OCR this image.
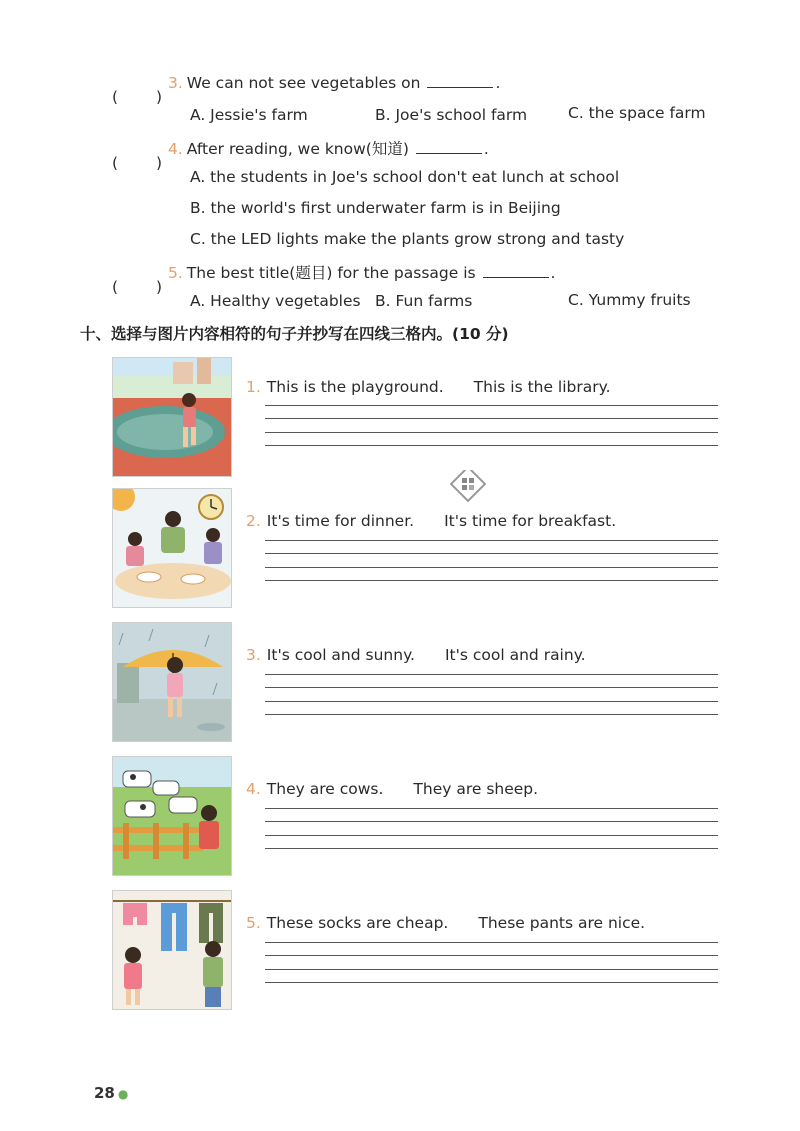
( )
3. We can not see vegetables on	.
A. Jessie's farm	B. Joe's school farm	C. the space farm
( )
4. After reading, we know(知道)	.
A. the students in Joe's school don't eat lunch at school
B. the world's first underwater farm is in Beijing
C. the LED lights make the plants grow strong and tasty
( )
5. The best title(题目) for the passage is	.
A. Healthy vegetables B. Fun farms	C. Yummy fruits
十、选择与图片内容相符的句子并抄写在四线三格内。(10 分)
1. This is the playground. This is the library.
2. It's time for dinner. It's time for breakfast.
3. It's cool and sunny. It's cool and rainy.
4. They are cows. They are sheep.
5. These socks are cheap. These pants are nice.
28 ●
